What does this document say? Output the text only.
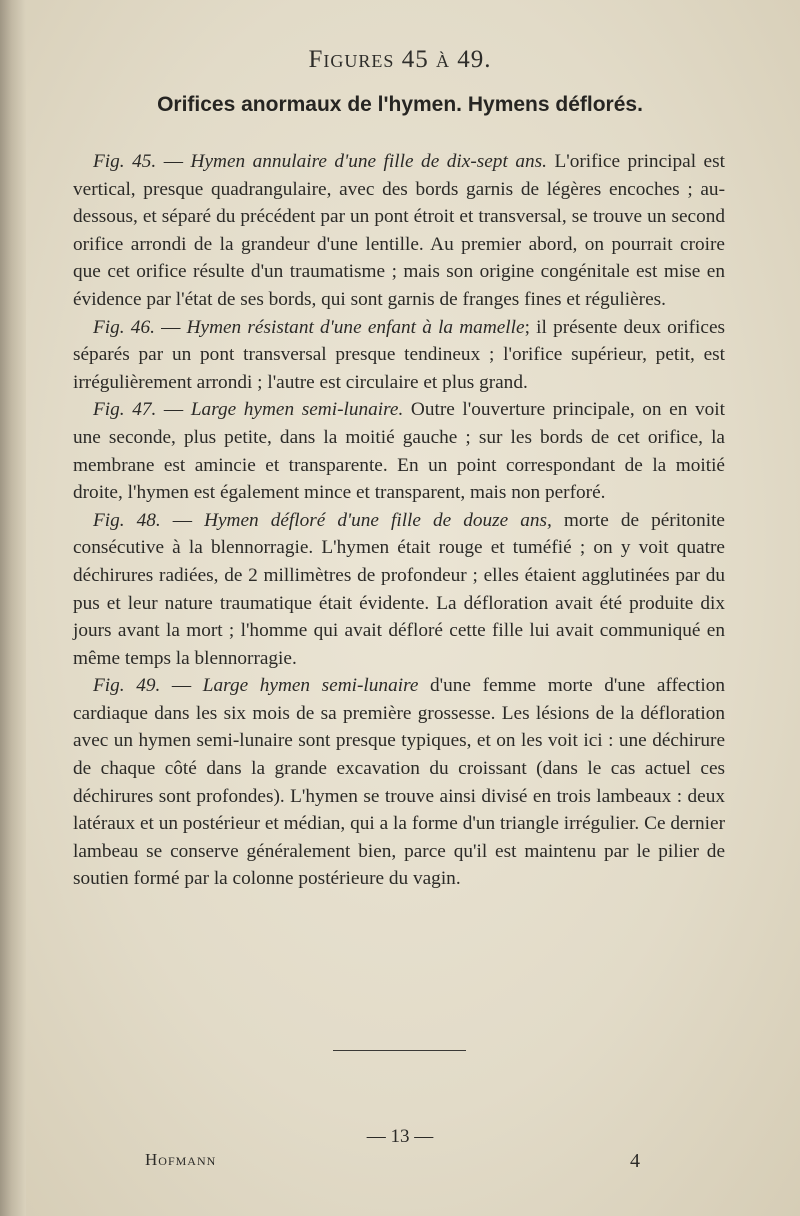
Figures 45 à 49.
Orifices anormaux de l'hymen. Hymens déflorés.

Fig. 45. — Hymen annulaire d'une fille de dix-sept ans. L'orifice principal est vertical, presque quadrangulaire, avec des bords garnis de légères encoches ; au-dessous, et séparé du précédent par un pont étroit et transversal, se trouve un second orifice arrondi de la grandeur d'une lentille. Au premier abord, on pourrait croire que cet orifice résulte d'un traumatisme ; mais son origine congénitale est mise en évidence par l'état de ses bords, qui sont garnis de franges fines et régulières.

Fig. 46. — Hymen résistant d'une enfant à la mamelle; il présente deux orifices séparés par un pont transversal presque tendineux ; l'orifice supérieur, petit, est irrégulièrement arrondi ; l'autre est circulaire et plus grand.

Fig. 47. — Large hymen semi-lunaire. Outre l'ouverture principale, on en voit une seconde, plus petite, dans la moitié gauche ; sur les bords de cet orifice, la membrane est amincie et transparente. En un point correspondant de la moitié droite, l'hymen est également mince et transparent, mais non perforé.

Fig. 48. — Hymen défloré d'une fille de douze ans, morte de péritonite consécutive à la blennorragie. L'hymen était rouge et tuméfié ; on y voit quatre déchirures radiées, de 2 millimètres de profondeur ; elles étaient agglutinées par du pus et leur nature traumatique était évidente. La défloration avait été produite dix jours avant la mort ; l'homme qui avait défloré cette fille lui avait communiqué en même temps la blennorragie.

Fig. 49. — Large hymen semi-lunaire d'une femme morte d'une affection cardiaque dans les six mois de sa première grossesse. Les lésions de la défloration avec un hymen semi-lunaire sont presque typiques, et on les voit ici : une déchirure de chaque côté dans la grande excavation du croissant (dans le cas actuel ces déchirures sont profondes). L'hymen se trouve ainsi divisé en trois lambeaux : deux latéraux et un postérieur et médian, qui a la forme d'un triangle irrégulier. Ce dernier lambeau se conserve généralement bien, parce qu'il est maintenu par le pilier de soutien formé par la colonne postérieure du vagin.

— 13 —
Hofmann	4
